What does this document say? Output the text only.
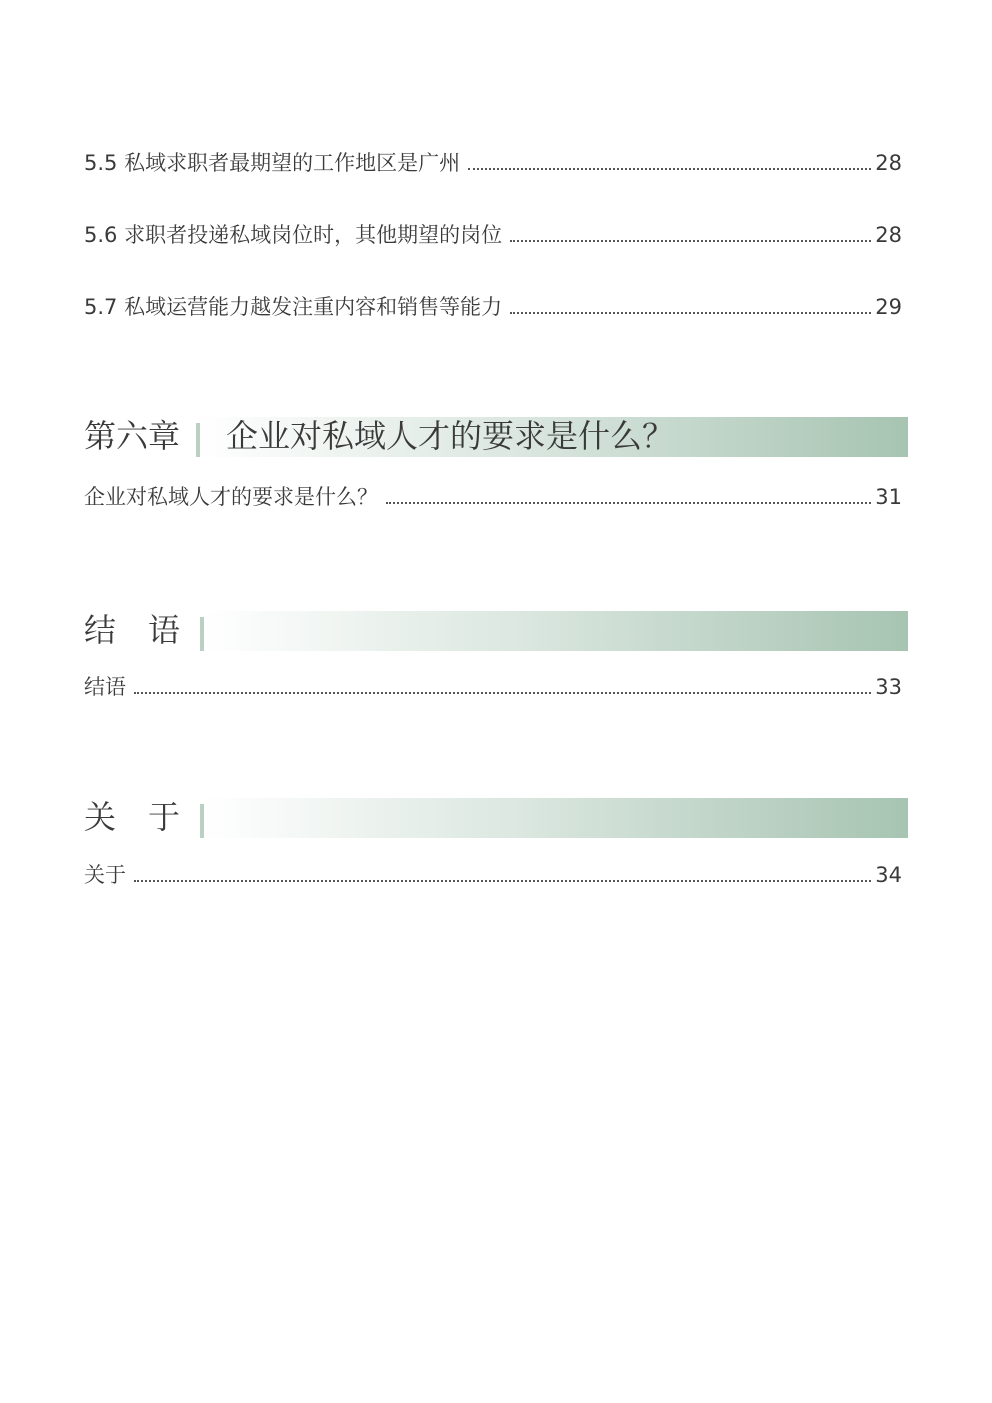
5.5 私域求职者最期望的工作地区是广州	28
5.6 求职者投递私域岗位时，其他期望的岗位	28
5.7 私域运营能力越发注重内容和销售等能力	29
第六章 企业对私域人才的要求是什么？
企业对私域人才的要求是什么？	31
结　语
结语	33
关　于
关于	34
